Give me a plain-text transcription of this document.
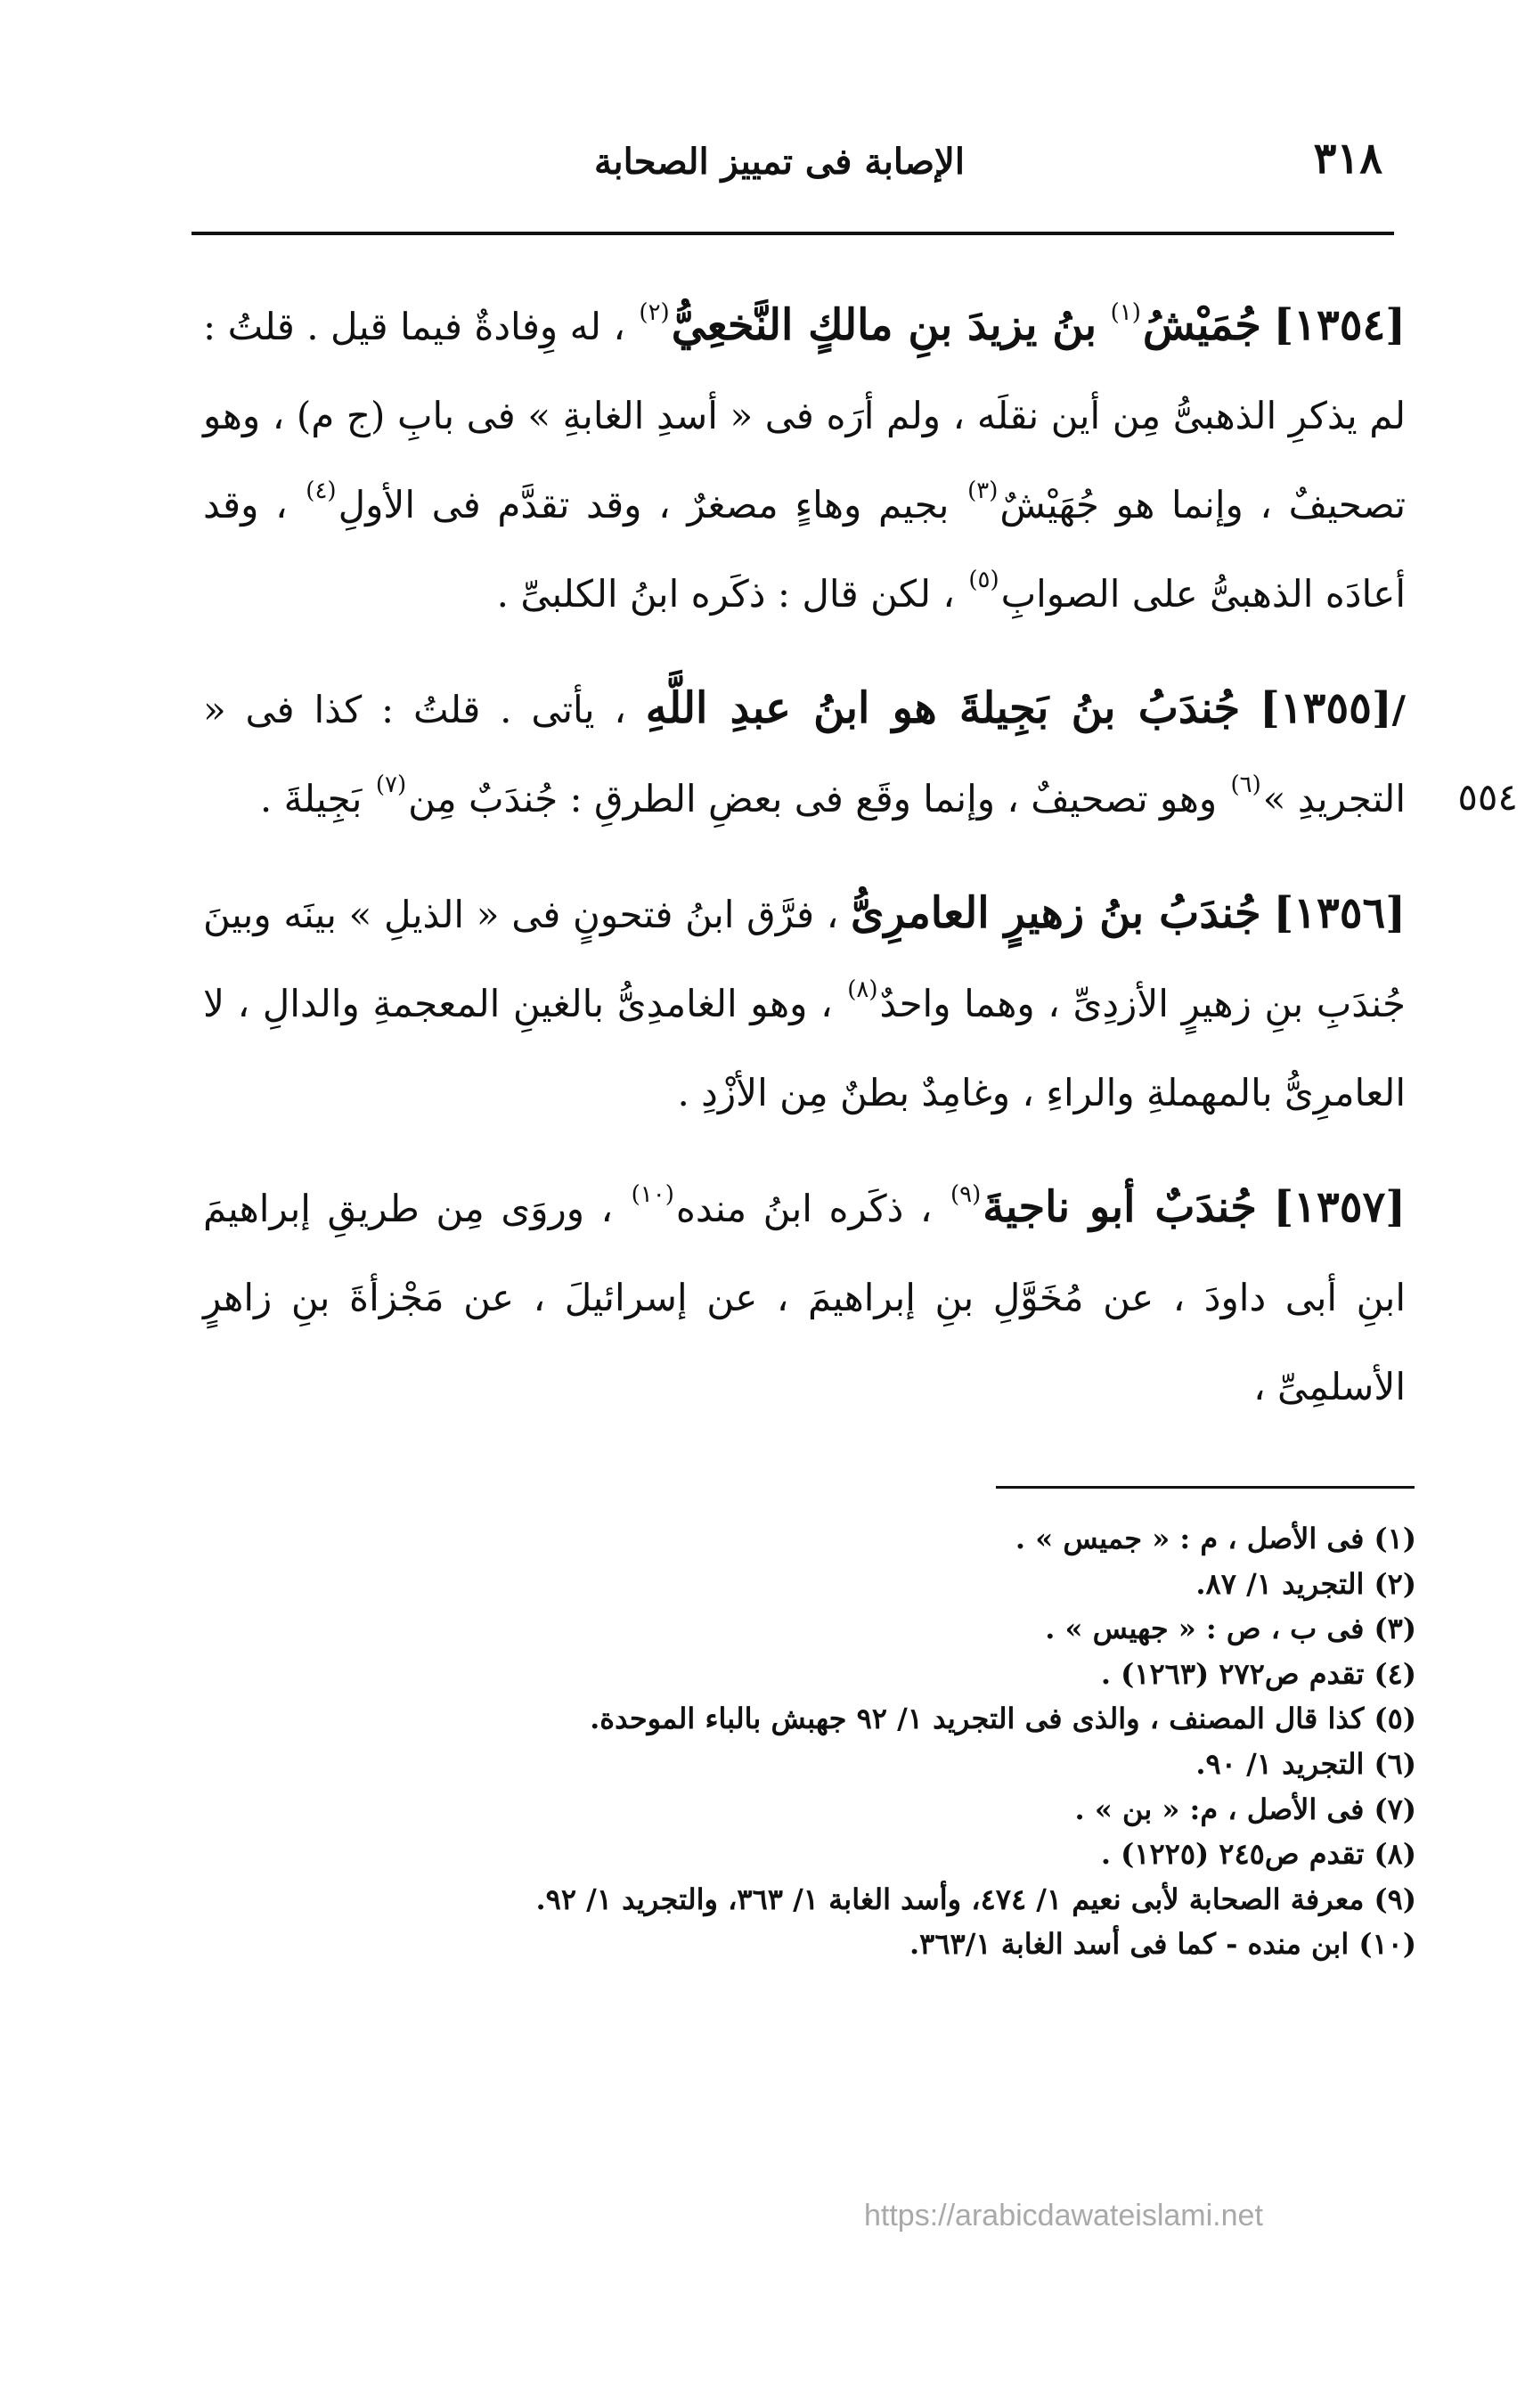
٣١٨
الإصابة فى تمييز الصحابة
٥٥٤

[١٣٥٤] جُمَيْشُ$^{(١)}$ بنُ يزيدَ بنِ مالكٍ النَّخعِيُّ$^{(٢)}$ ، له وِفادةٌ فيما قيل . قلتُ : لم يذكرِ الذهبىُّ مِن أين نقلَه ، ولم أرَه فى « أسدِ الغابةِ » فى بابِ (ج م) ، وهو تصحيفٌ ، وإنما هو جُهَيْشٌ$^{(٣)}$ بجيم وهاءٍ مصغرٌ ، وقد تقدَّم فى الأولِ$^{(٤)}$ ، وقد أعادَه الذهبىُّ على الصوابِ$^{(٥)}$ ، لكن قال : ذكَره ابنُ الكلبىِّ .

/[١٣٥٥] جُندَبُ بنُ بَجِيلةَ هو ابنُ عبدِ اللَّهِ ، يأتى . قلتُ : كذا فى « التجريدِ »$^{(٦)}$ وهو تصحيفٌ ، وإنما وقَع فى بعضِ الطرقِ : جُندَبٌ مِن$^{(٧)}$ بَجِيلةَ .

[١٣٥٦] جُندَبُ بنُ زهيرٍ العامرِىُّ ، فرَّق ابنُ فتحونٍ فى « الذيلِ » بينَه وبينَ جُندَبِ بنِ زهيرٍ الأزدِىِّ ، وهما واحدٌ$^{(٨)}$ ، وهو الغامدِىُّ بالغينِ المعجمةِ والدالِ ، لا العامرِىُّ بالمهملةِ والراءِ ، وغامِدٌ بطنٌ مِن الأزْدِ .

[١٣٥٧] جُندَبٌ أبو ناجيةَ$^{(٩)}$ ، ذكَره ابنُ منده$^{(١٠)}$ ، وروَى مِن طريقِ إبراهيمَ ابنِ أبى داودَ ، عن مُخَوَّلِ بنِ إبراهيمَ ، عن إسرائيلَ ، عن مَجْزأةَ بنِ زاهرٍ الأسلمِىِّ ،

(١) فى الأصل ، م : « جميس » .
(٢) التجريد ١/ ٨٧.
(٣) فى ب ، ص : « جهيس » .
(٤) تقدم ص٢٧٢ (١٢٦٣) .
(٥) كذا قال المصنف ، والذى فى التجريد ١/ ٩٢ جهبش بالباء الموحدة.
(٦) التجريد ١/ ٩٠.
(٧) فى الأصل ، م: « بن » .
(٨) تقدم ص٢٤٥ (١٢٢٥) .
(٩) معرفة الصحابة لأبى نعيم ١/ ٤٧٤، وأسد الغابة ١/ ٣٦٣، والتجريد ١/ ٩٢.
(١٠) ابن منده - كما فى أسد الغابة ٣٦٣/١.
https://arabicdawateislami.net
